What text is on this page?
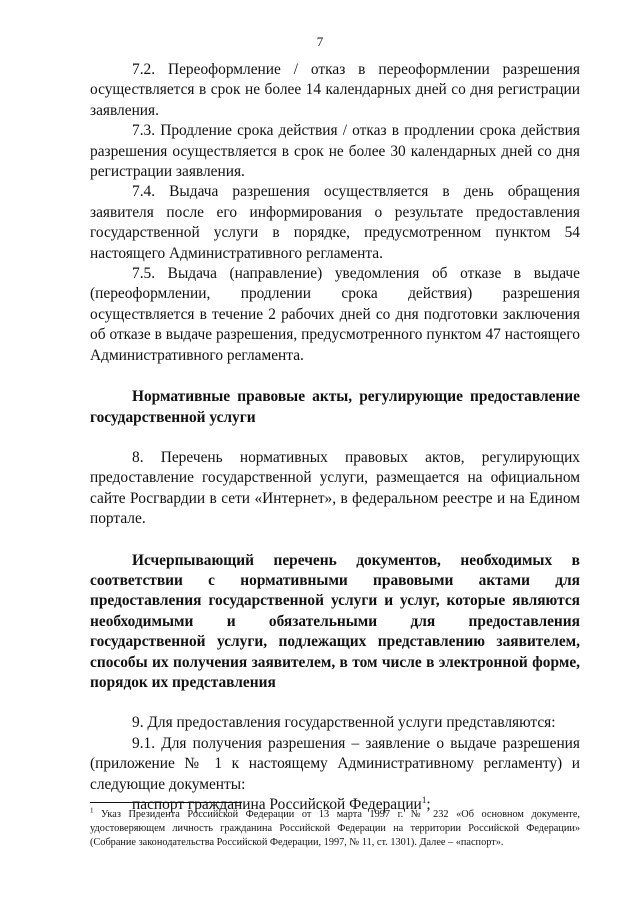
7

7.2. Переоформление / отказ в переоформлении разрешения осуществляется в срок не более 14 календарных дней со дня регистрации заявления.

7.3. Продление срока действия / отказ в продлении срока действия разрешения осуществляется в срок не более 30 календарных дней со дня регистрации заявления.

7.4. Выдача разрешения осуществляется в день обращения заявителя после его информирования о результате предоставления государственной услуги в порядке, предусмотренном пунктом 54 настоящего Административного регламента.

7.5. Выдача (направление) уведомления об отказе в выдаче (переоформлении, продлении срока действия) разрешения осуществляется в течение 2 рабочих дней со дня подготовки заключения об отказе в выдаче разрешения, предусмотренного пунктом 47 настоящего Административного регламента.

Нормативные правовые акты, регулирующие предоставление государственной услуги

8. Перечень нормативных правовых актов, регулирующих предоставление государственной услуги, размещается на официальном сайте Росгвардии в сети «Интернет», в федеральном реестре и на Едином портале.

Исчерпывающий перечень документов, необходимых в соответствии с нормативными правовыми актами для предоставления государственной услуги и услуг, которые являются необходимыми и обязательными для предоставления государственной услуги, подлежащих представлению заявителем, способы их получения заявителем, в том числе в электронной форме, порядок их представления

9. Для предоставления государственной услуги представляются:

9.1. Для получения разрешения – заявление о выдаче разрешения (приложение № 1 к настоящему Административному регламенту) и следующие документы:

паспорт гражданина Российской Федерации$^1$;

$^1$ Указ Президента Российской Федерации от 13 марта 1997 г. № 232 «Об основном документе, удостоверяющем личность гражданина Российской Федерации на территории Российской Федерации» (Собрание законодательства Российской Федерации, 1997, № 11, ст. 1301). Далее – «паспорт».
